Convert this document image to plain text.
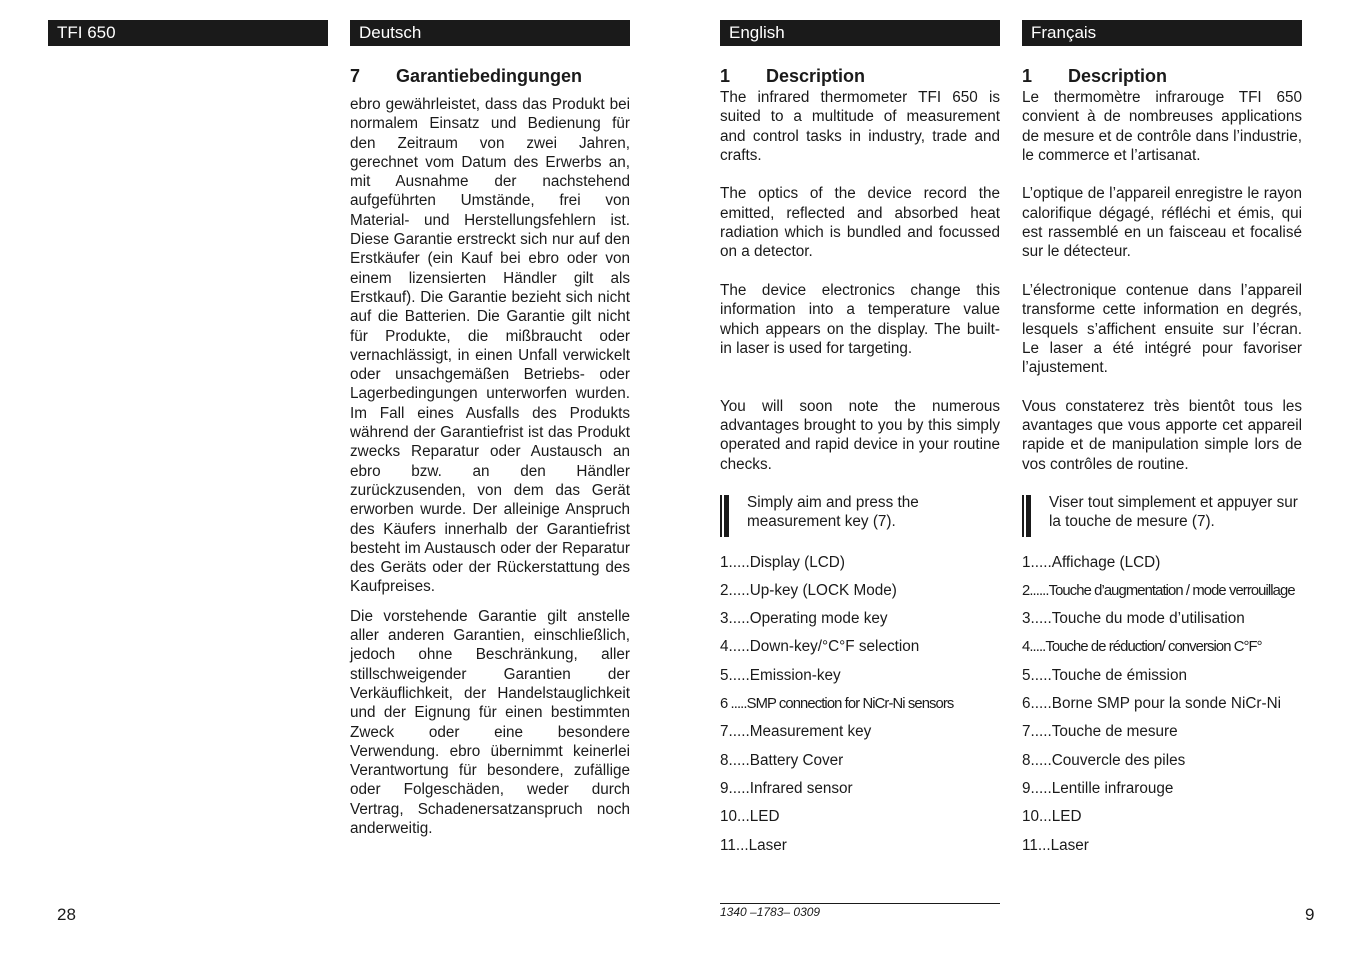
TFI 650	Deutsch	English	Français
7 Garantiebedingungen

ebro gewährleistet, dass das Produkt bei normalem Einsatz und Bedienung für den Zeitraum von zwei Jahren, gerechnet vom Datum des Erwerbs an, mit Ausnahme der nachstehend aufgeführten Umstände, frei von Material- und Herstellungsfehlern ist. Diese Garantie erstreckt sich nur auf den Erstkäufer (ein Kauf bei ebro oder von einem lizensierten Händler gilt als Erstkauf). Die Garantie bezieht sich nicht auf die Batterien. Die Garantie gilt nicht für Produkte, die mißbraucht oder vernachlässigt, in einen Unfall verwickelt oder unsachgemäßen Betriebs- oder Lagerbedingungen unterworfen wurden. Im Fall eines Ausfalls des Produkts während der Garantiefrist ist das Produkt zwecks Reparatur oder Austausch an ebro bzw. an den Händler zurückzusenden, von dem das Gerät erworben wurde. Der alleinige Anspruch des Käufers innerhalb der Garantiefrist besteht im Austausch oder der Reparatur des Geräts oder der Rückerstattung des Kaufpreises.

Die vorstehende Garantie gilt anstelle aller anderen Garantien, einschließlich, jedoch ohne Beschränkung, aller stillschweigender Garantien der Verkäuflichkeit, der Handelstauglichkeit und der Eignung für einen bestimmten Zweck oder eine besondere Verwendung. ebro übernimmt keinerlei Verantwortung für besondere, zufällige oder Folgeschäden, weder durch Vertrag, Schadenersatzanspruch noch anderweitig.

1 Description

The infrared thermometer TFI 650 is suited to a multitude of measurement and control tasks in industry, trade and crafts.

The optics of the device record the emitted, reflected and absorbed heat radiation which is bundled and focussed on a detector.

The device electronics change this information into a temperature value which appears on the display. The built-in laser is used for targeting.

You will soon note the numerous advantages brought to you by this simply operated and rapid device in your routine checks.

Simply aim and press the measurement key (7).

1.....Display (LCD)
2.....Up-key (LOCK Mode)
3.....Operating mode key
4.....Down-key/°C°F selection
5.....Emission-key
6 .....SMP connection for NiCr-Ni sensors
7.....Measurement key
8.....Battery Cover
9.....Infrared sensor
10...LED
11...Laser
1 Description

Le thermomètre infrarouge TFI 650 convient à de nombreuses applications de mesure et de contrôle dans l’industrie, le commerce et l’artisanat.

L’optique de l’appareil enregistre le rayon calorifique dégagé, réfléchi et émis, qui est rassemblé en un faisceau et focalisé sur le détecteur.

L’électronique contenue dans l’appareil transforme cette information en degrés, lesquels s’affichent ensuite sur l’écran. Le laser a été intégré pour favoriser l’ajustement.

Vous constaterez très bientôt tous les avantages que vous apporte cet appareil rapide et de manipulation simple lors de vos contrôles de routine.

Viser tout simplement et appuyer sur la touche de mesure (7).

1.....Affichage (LCD)
2......Touche d’augmentation / mode verrouillage
3.....Touche du mode d’utilisation
4.....Touche de réduction/ conversion C°F°
5.....Touche de émission
6.....Borne SMP pour la sonde NiCr-Ni
7.....Touche de mesure
8.....Couvercle des piles
9.....Lentille infrarouge
10...LED
11...Laser
28	1340 –1783– 0309	9
